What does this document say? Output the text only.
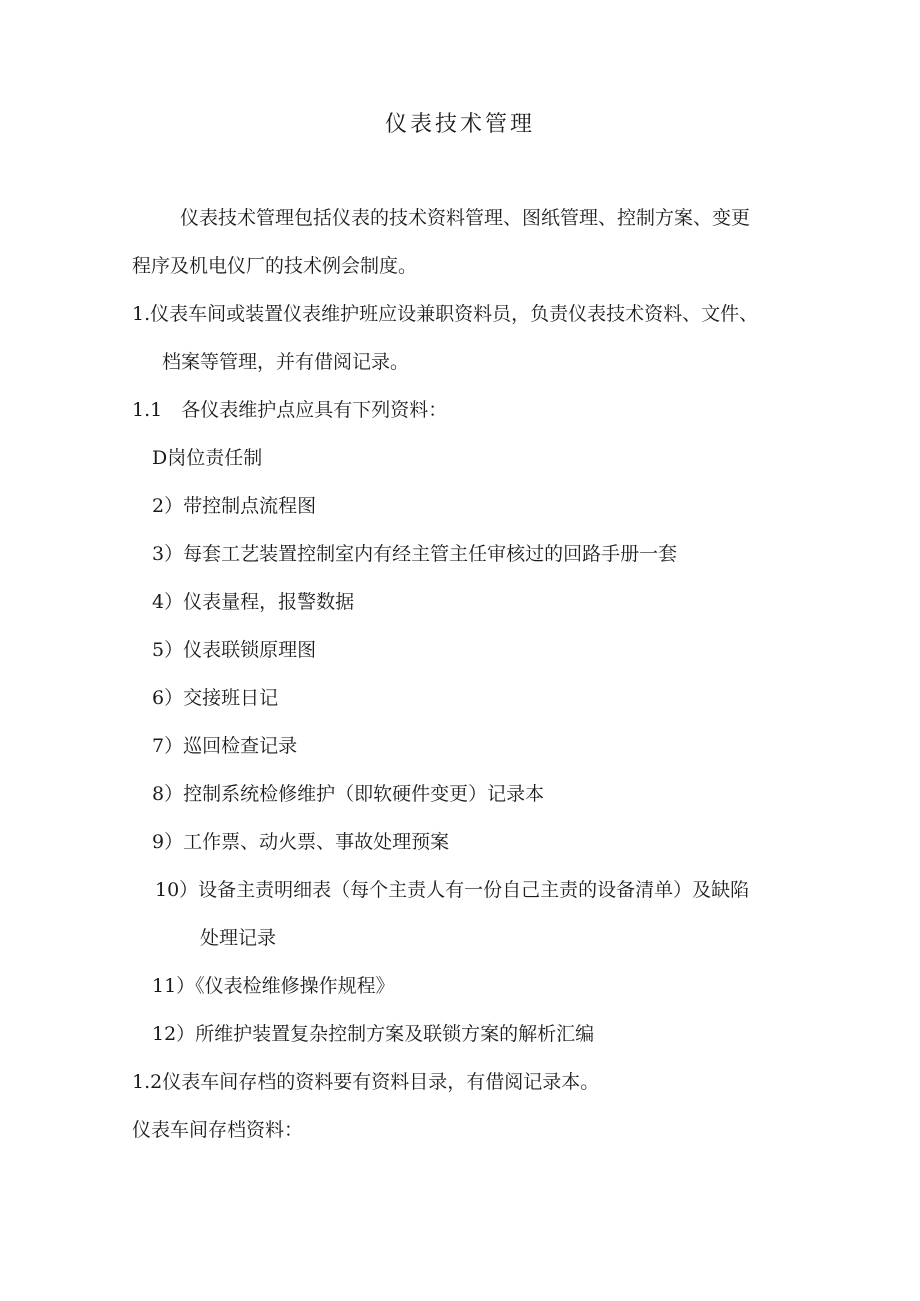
仪表技术管理
仪表技术管理包括仪表的技术资料管理、图纸管理、控制方案、变更
程序及机电仪厂的技术例会制度。
1.仪表车间或装置仪表维护班应设兼职资料员，负责仪表技术资料、文件、
档案等管理，并有借阅记录。
1.1　各仪表维护点应具有下列资料：
D岗位责任制
2）带控制点流程图
3）每套工艺装置控制室内有经主管主任审核过的回路手册一套
4）仪表量程，报警数据
5）仪表联锁原理图
6）交接班日记
7）巡回检查记录
8）控制系统检修维护（即软硬件变更）记录本
9）工作票、动火票、事故处理预案
10）设备主责明细表（每个主责人有一份自己主责的设备清单）及缺陷
处理记录
11）《仪表检维修操作规程》
12）所维护装置复杂控制方案及联锁方案的解析汇编
1.2仪表车间存档的资料要有资料目录，有借阅记录本。
仪表车间存档资料：
